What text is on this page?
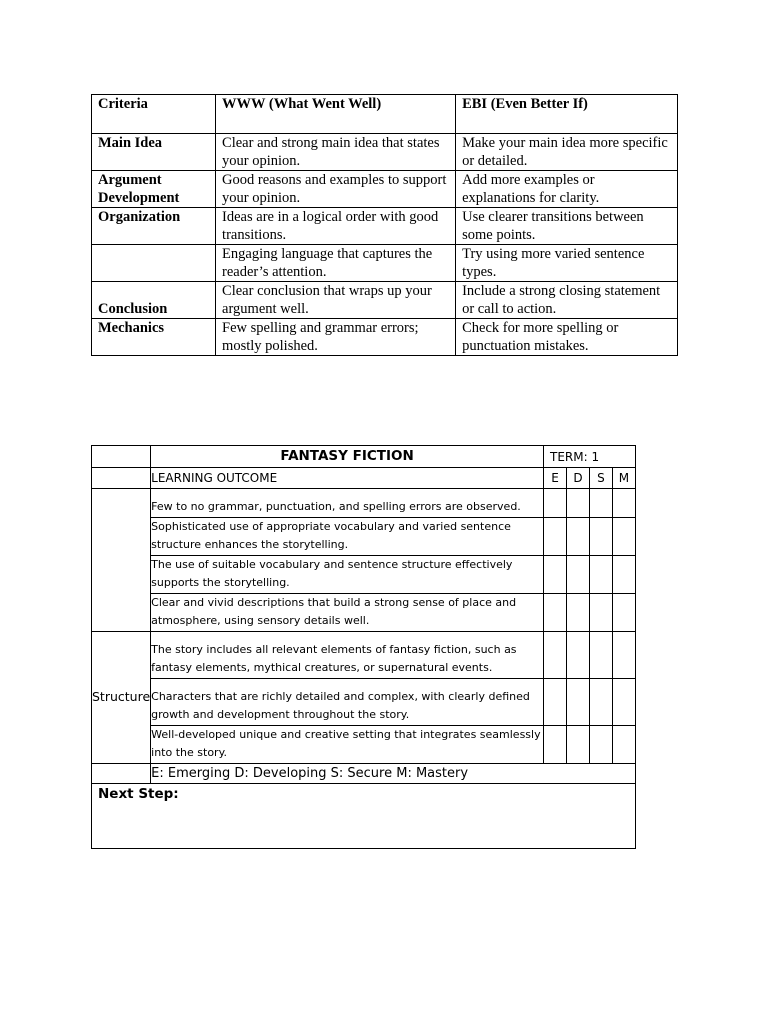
Criteria	WWW (What Went Well)	EBI (Even Better If)
Main Idea	Clear and strong main idea that states your opinion.	Make your main idea more specific or detailed.
Argument Development	Good reasons and examples to support your opinion.	Add more examples or explanations for clarity.
Organization	Ideas are in a logical order with good transitions.	Use clearer transitions between some points.
	Engaging language that captures the reader’s attention.	Try using more varied sentence types.
Conclusion	Clear conclusion that wraps up your argument well.	Include a strong closing statement or call to action.
Mechanics	Few spelling and grammar errors; mostly polished.	Check for more spelling or punctuation mistakes.
	FANTASY FICTION	TERM: 1			
	LEARNING OUTCOME	E	D	S	M
	Few to no grammar, punctuation, and spelling errors are observed.				
	Sophisticated use of appropriate vocabulary and varied sentence structure enhances the storytelling.				
	The use of suitable vocabulary and sentence structure effectively supports the storytelling.				
	Clear and vivid descriptions that build a strong sense of place and atmosphere, using sensory details well.				
Structure	The story includes all relevant elements of fantasy fiction, such as fantasy elements, mythical creatures, or supernatural events.				
	Characters that are richly detailed and complex, with clearly defined growth and development throughout the story.				
	Well-developed unique and creative setting that integrates seamlessly into the story.				
	E: Emerging D: Developing S: Secure M: Mastery				
Next Step:					
